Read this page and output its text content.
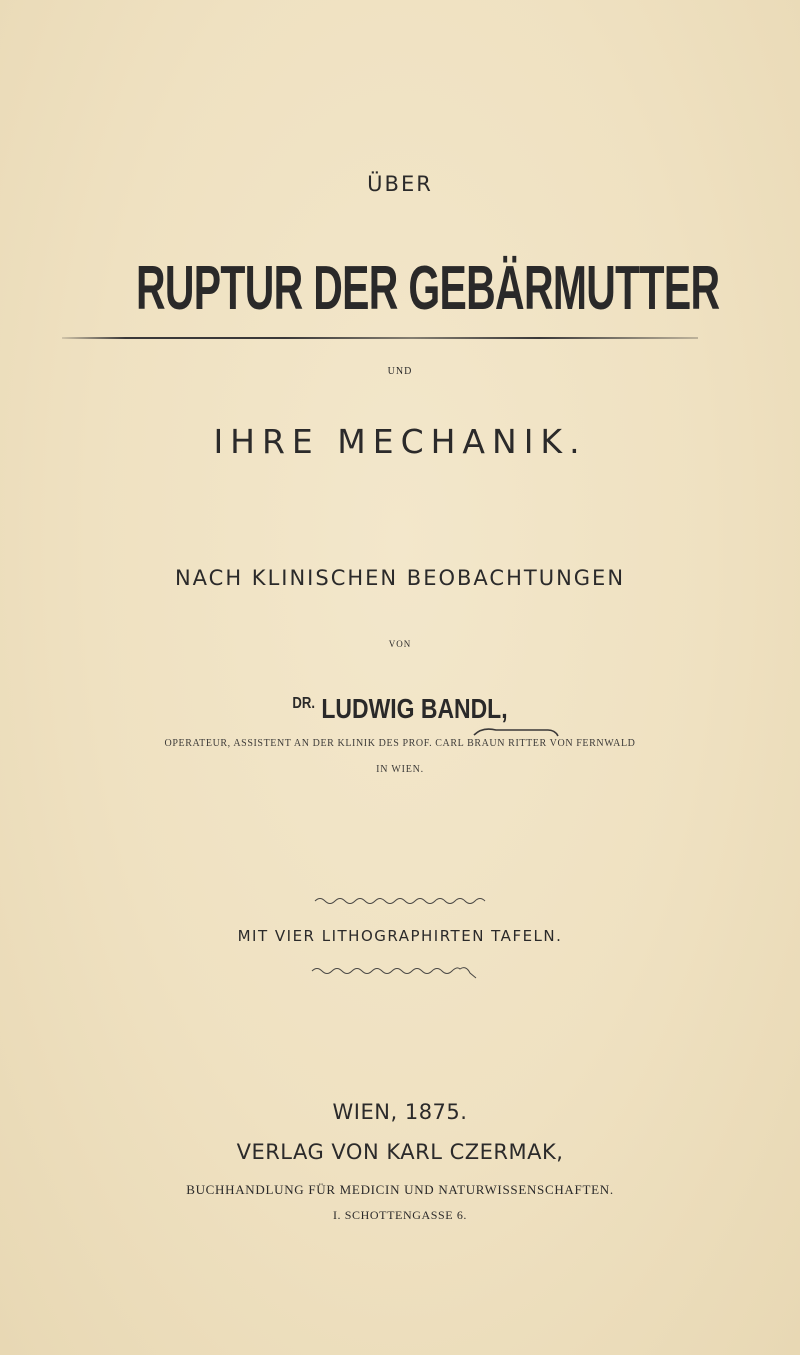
ÜBER
RUPTUR DER GEBÄRMUTTER
UND
IHRE MECHANIK.
NACH KLINISCHEN BEOBACHTUNGEN
VON
$^{DR.}$ LUDWIG BANDL,
OPERATEUR, ASSISTENT AN DER KLINIK DES PROF. CARL BRAUN RITTER VON FERNWALD
IN WIEN.
MIT VIER LITHOGRAPHIRTEN TAFELN.
WIEN, 1875.
VERLAG VON KARL CZERMAK,
BUCHHANDLUNG FÜR MEDICIN UND NATURWISSENSCHAFTEN.
I. SCHOTTENGASSE 6.
